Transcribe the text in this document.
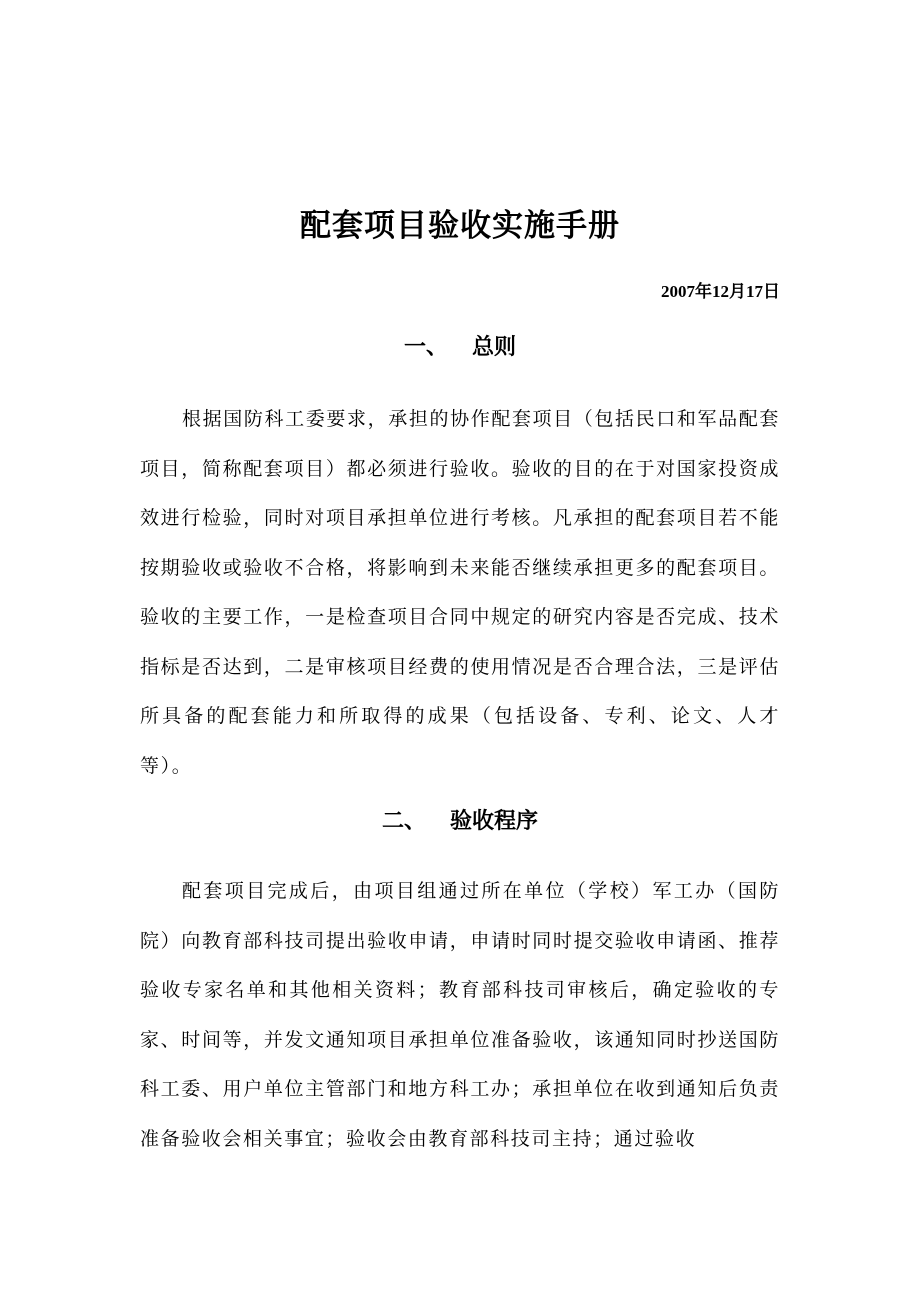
配套项目验收实施手册
2007年12月17日
一、 总则

根据国防科工委要求，承担的协作配套项目（包括民口和军品配套项目，简称配套项目）都必须进行验收。验收的目的在于对国家投资成效进行检验，同时对项目承担单位进行考核。凡承担的配套项目若不能按期验收或验收不合格，将影响到未来能否继续承担更多的配套项目。验收的主要工作，一是检查项目合同中规定的研究内容是否完成、技术指标是否达到，二是审核项目经费的使用情况是否合理合法，三是评估所具备的配套能力和所取得的成果（包括设备、专利、论文、人才等）。

二、 验收程序

配套项目完成后，由项目组通过所在单位（学校）军工办（国防院）向教育部科技司提出验收申请，申请时同时提交验收申请函、推荐验收专家名单和其他相关资料；教育部科技司审核后，确定验收的专家、时间等，并发文通知项目承担单位准备验收，该通知同时抄送国防科工委、用户单位主管部门和地方科工办；承担单位在收到通知后负责准备验收会相关事宜；验收会由教育部科技司主持；通过验收
